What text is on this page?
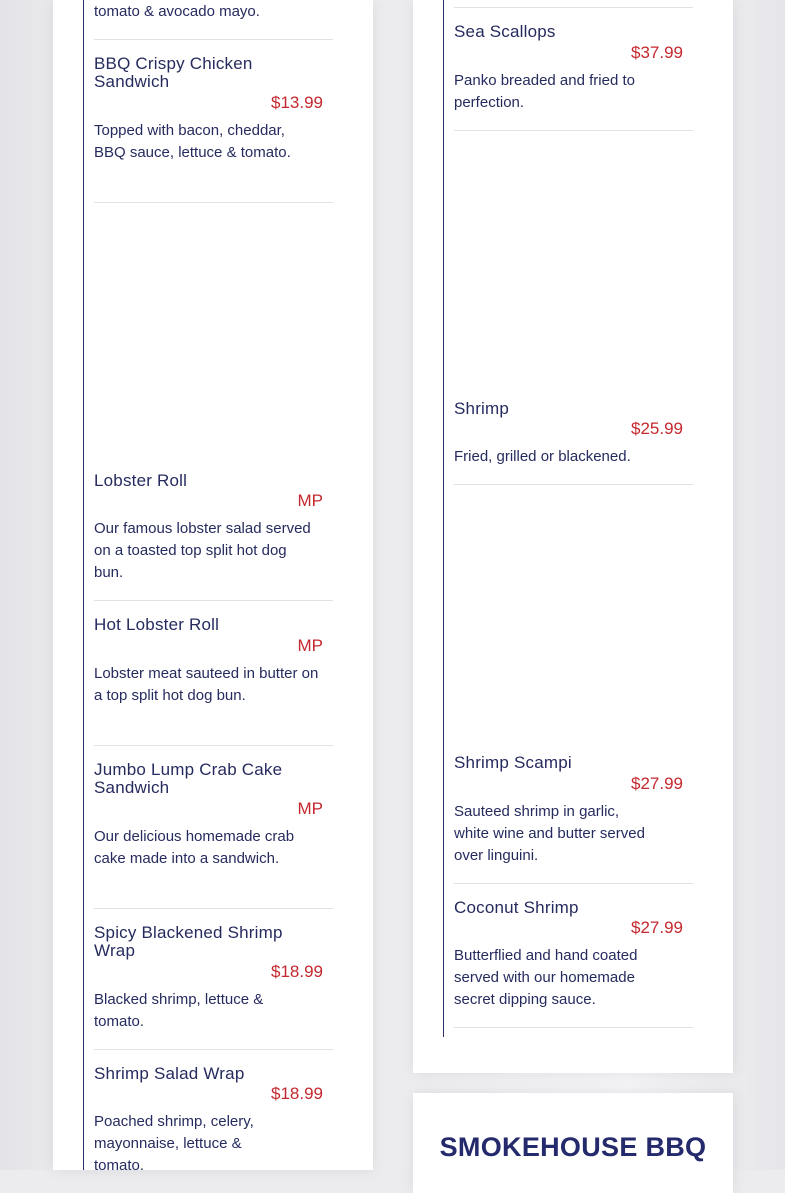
tomato & avocado mayo.
BBQ Crispy Chicken Sandwich
$13.99
Topped with bacon, cheddar, BBQ sauce, lettuce & tomato.
Lobster Roll
MP
Our famous lobster salad served on a toasted top split hot dog bun.
Hot Lobster Roll
MP
Lobster meat sauteed in butter on a top split hot dog bun.
Jumbo Lump Crab Cake Sandwich
MP
Our delicious homemade crab cake made into a sandwich.
Spicy Blackened Shrimp Wrap
$18.99
Blacked shrimp, lettuce & tomato.
Shrimp Salad Wrap
$18.99
Poached shrimp, celery, mayonnaise, lettuce & tomato.
Sea Scallops
$37.99
Panko breaded and fried to perfection.
Shrimp
$25.99
Fried, grilled or blackened.
Shrimp Scampi
$27.99
Sauteed shrimp in garlic, white wine and butter served over linguini.
Coconut Shrimp
$27.99
Butterflied and hand coated served with our homemade secret dipping sauce.
SMOKEHOUSE BBQ
